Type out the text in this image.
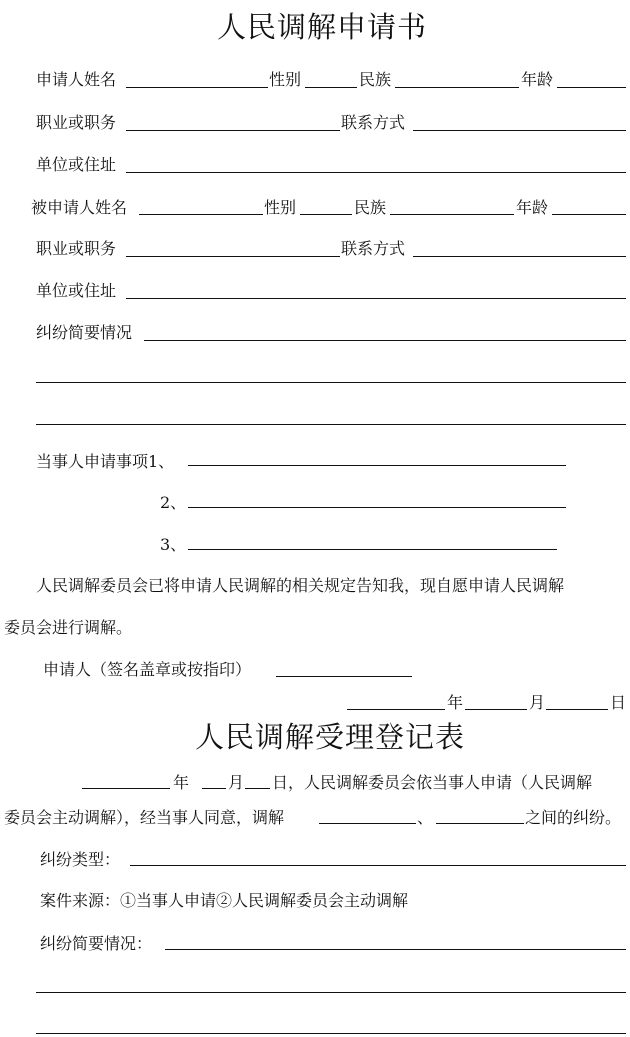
人民调解申请书
申请人姓名	性别	民族	年龄
职业或职务	联系方式
单位或住址
被申请人姓名	性别	民族	年龄
职业或职务	联系方式
单位或住址
纠纷简要情况
当事人申请事项1、
2、
3、
人民调解委员会已将申请人民调解的相关规定告知我，现自愿申请人民调解
委员会进行调解。
申请人（签名盖章或按指印）
年	月	日
人民调解受理登记表
年 月 日，人民调解委员会依当事人申请（人民调解
委员会主动调解），经当事人同意，调解	、	之间的纠纷。
纠纷类型：
案件来源：①当事人申请②人民调解委员会主动调解
纠纷简要情况：
